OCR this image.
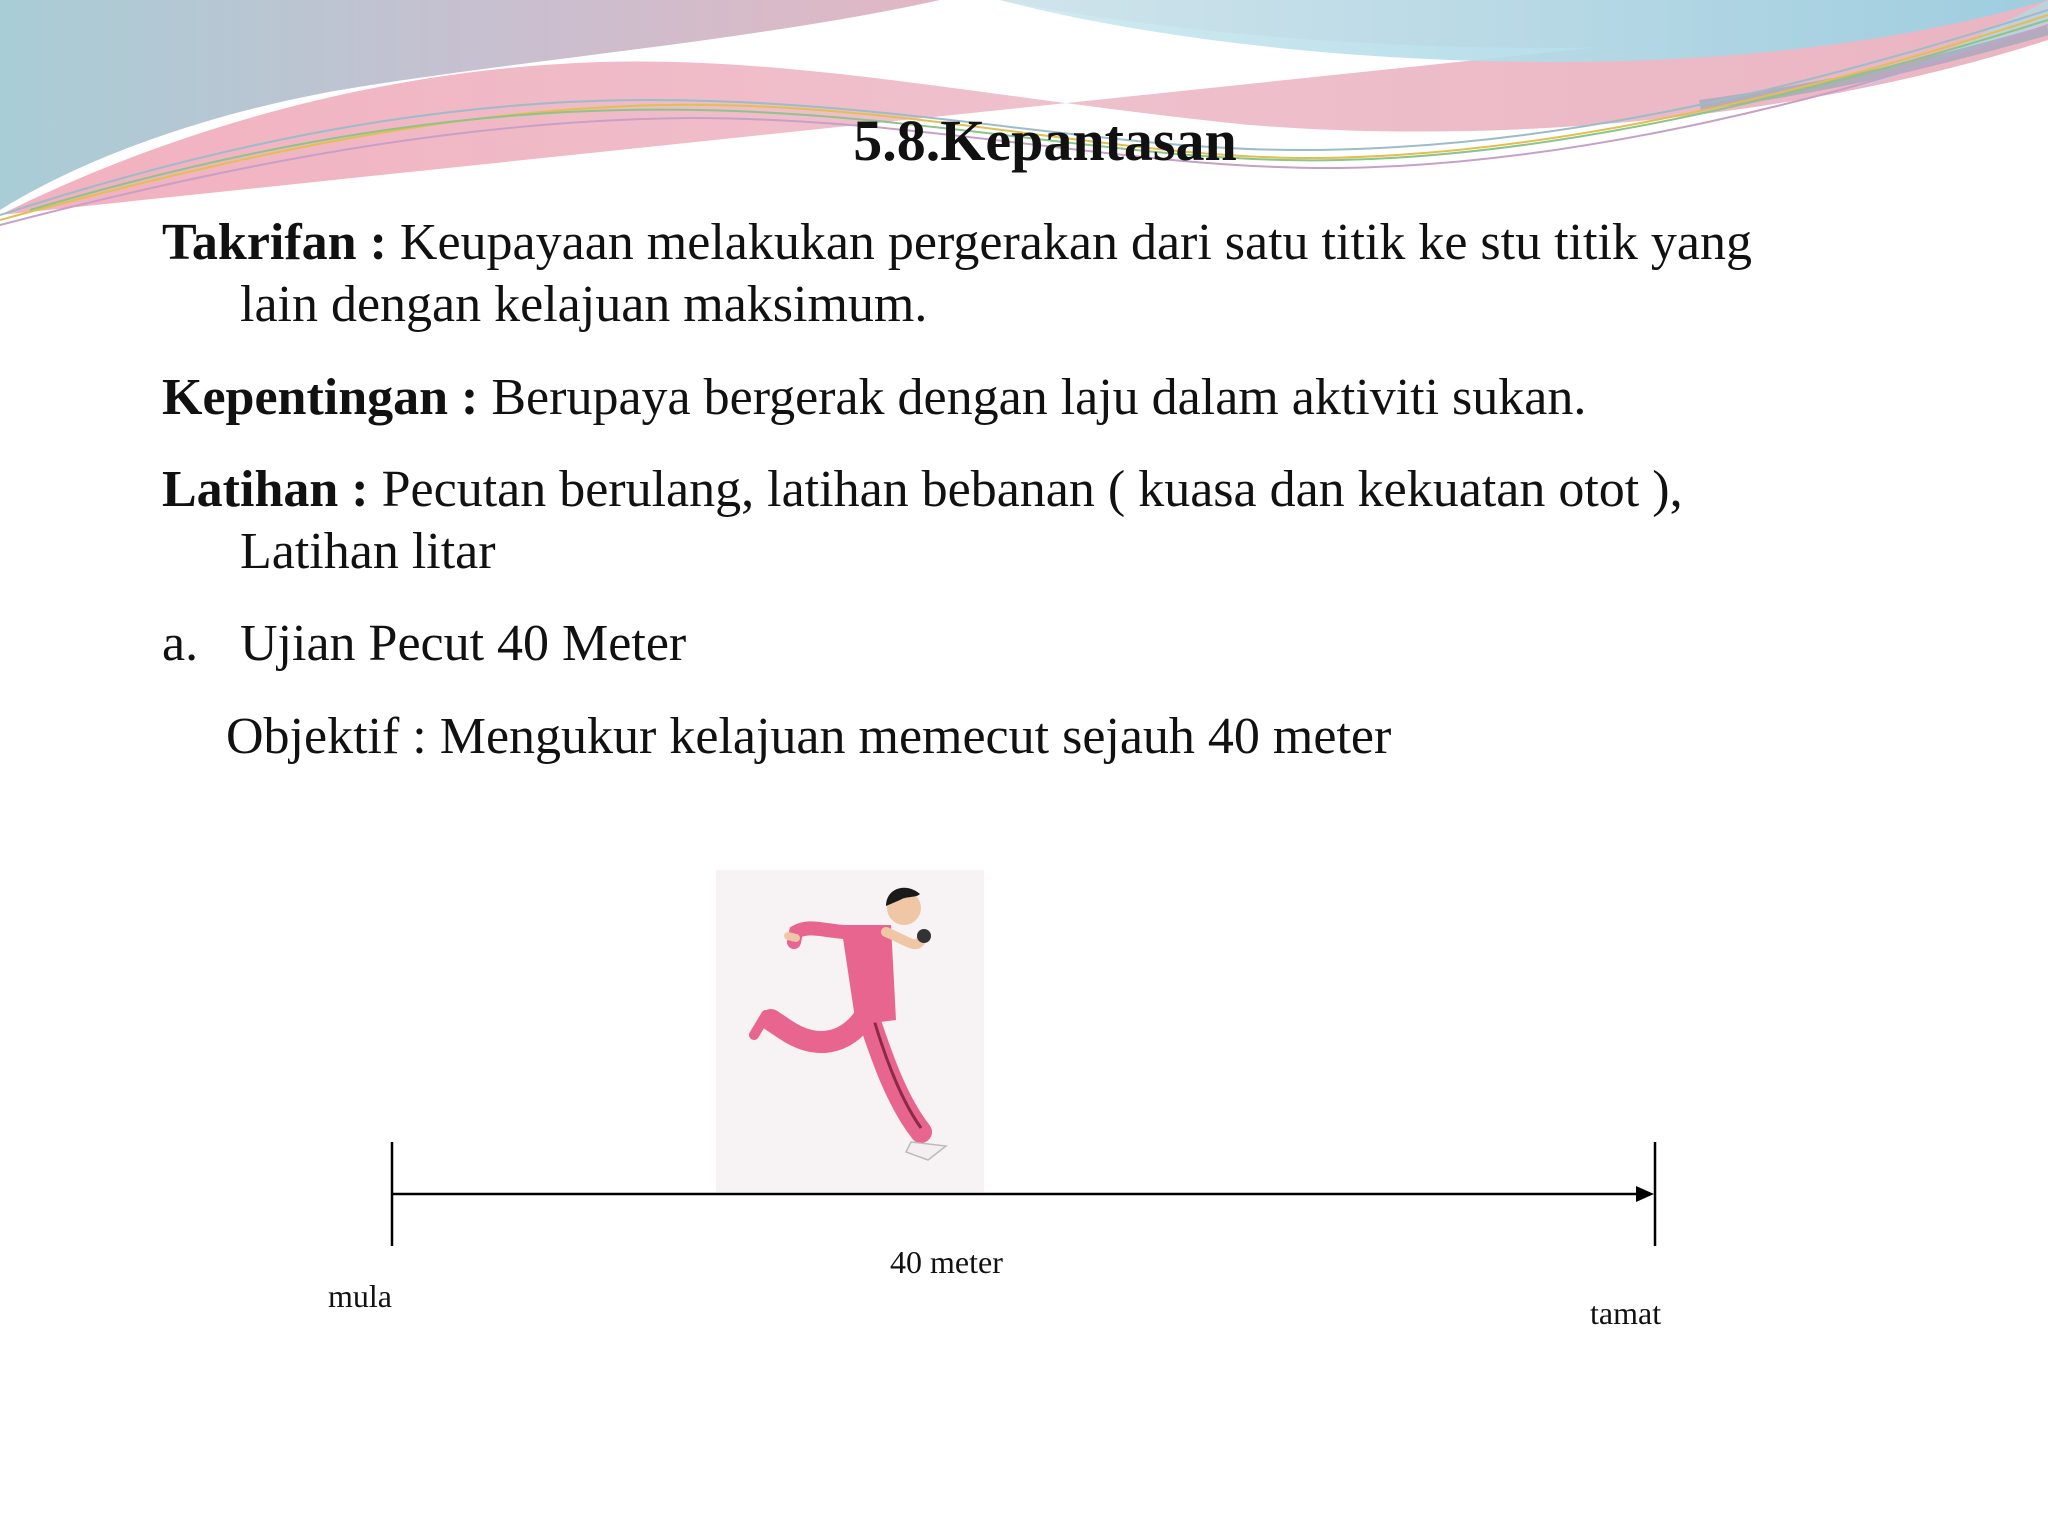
5.8.Kepantasan
Takrifan : Keupayaan melakukan pergerakan dari satu titik ke stu titik yang
lain dengan kelajuan maksimum.
Kepentingan : Berupaya bergerak dengan laju dalam aktiviti sukan.
Latihan : Pecutan berulang, latihan bebanan ( kuasa dan kekuatan otot ),
Latihan litar
a. Ujian Pecut 40 Meter
Objektif : Mengukur kelajuan memecut sejauh 40 meter
40 meter
mula	tamat
